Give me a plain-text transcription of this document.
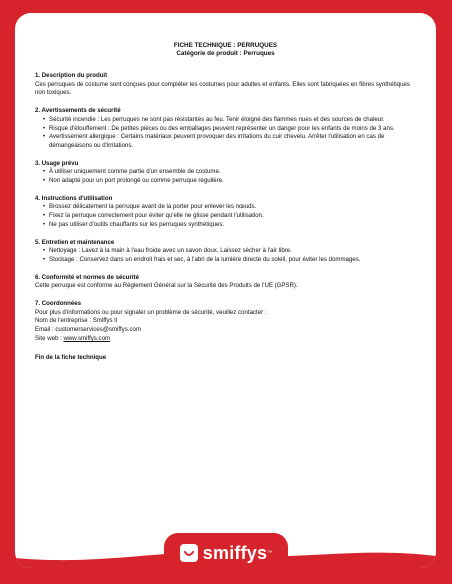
FICHE TECHNIQUE : PERRUQUES
Catégorie de produit : Perruques
1. Description du produit

Ces perruques de costume sont conçues pour compléter les costumes pour adultes et enfants. Elles sont fabriquées en fibres synthétiques non toxiques.

2. Avertissements de sécurité
• Sécurité incendie : Les perruques ne sont pas résistantes au feu. Tenir éloigné des flammes nues et des sources de chaleur.
• Risque d'étouffement : De petites pièces ou des emballages peuvent représenter un danger pour les enfants de moins de 3 ans.
• Avertissement allergique : Certains matériaux peuvent provoquer des irritations du cuir chevelu. Arrêter l'utilisation en cas de démangeaisons ou d'irritations.
3. Usage prévu
• À utiliser uniquement comme partie d'un ensemble de costume.
• Non adapté pour un port prolongé ou comme perruque régulière.
4. Instructions d'utilisation
• Brossez délicatement la perruque avant de la porter pour enlever les nœuds.
• Fixez la perruque correctement pour éviter qu'elle ne glisse pendant l'utilisation.
• Ne pas utiliser d'outils chauffants sur les perruques synthétiques.
5. Entretien et maintenance
• Nettoyage : Lavez à la main à l'eau froide avec un savon doux. Laissez sécher à l'air libre.
• Stockage : Conservez dans un endroit frais et sec, à l'abri de la lumière directe du soleil, pour éviter les dommages.
6. Conformité et normes de sécurité

Cette perruque est conforme au Règlement Général sur la Sécurité des Produits de l'UE (GPSR).

7. Coordonnées

Pour plus d'informations ou pour signaler un problème de sécurité, veuillez contacter :

Nom de l'entreprise : Smiffys ll

Email : customerservices@smiffys.com

Site web : www.smiffys.com

Fin de la fiche technique
smiffys ™
